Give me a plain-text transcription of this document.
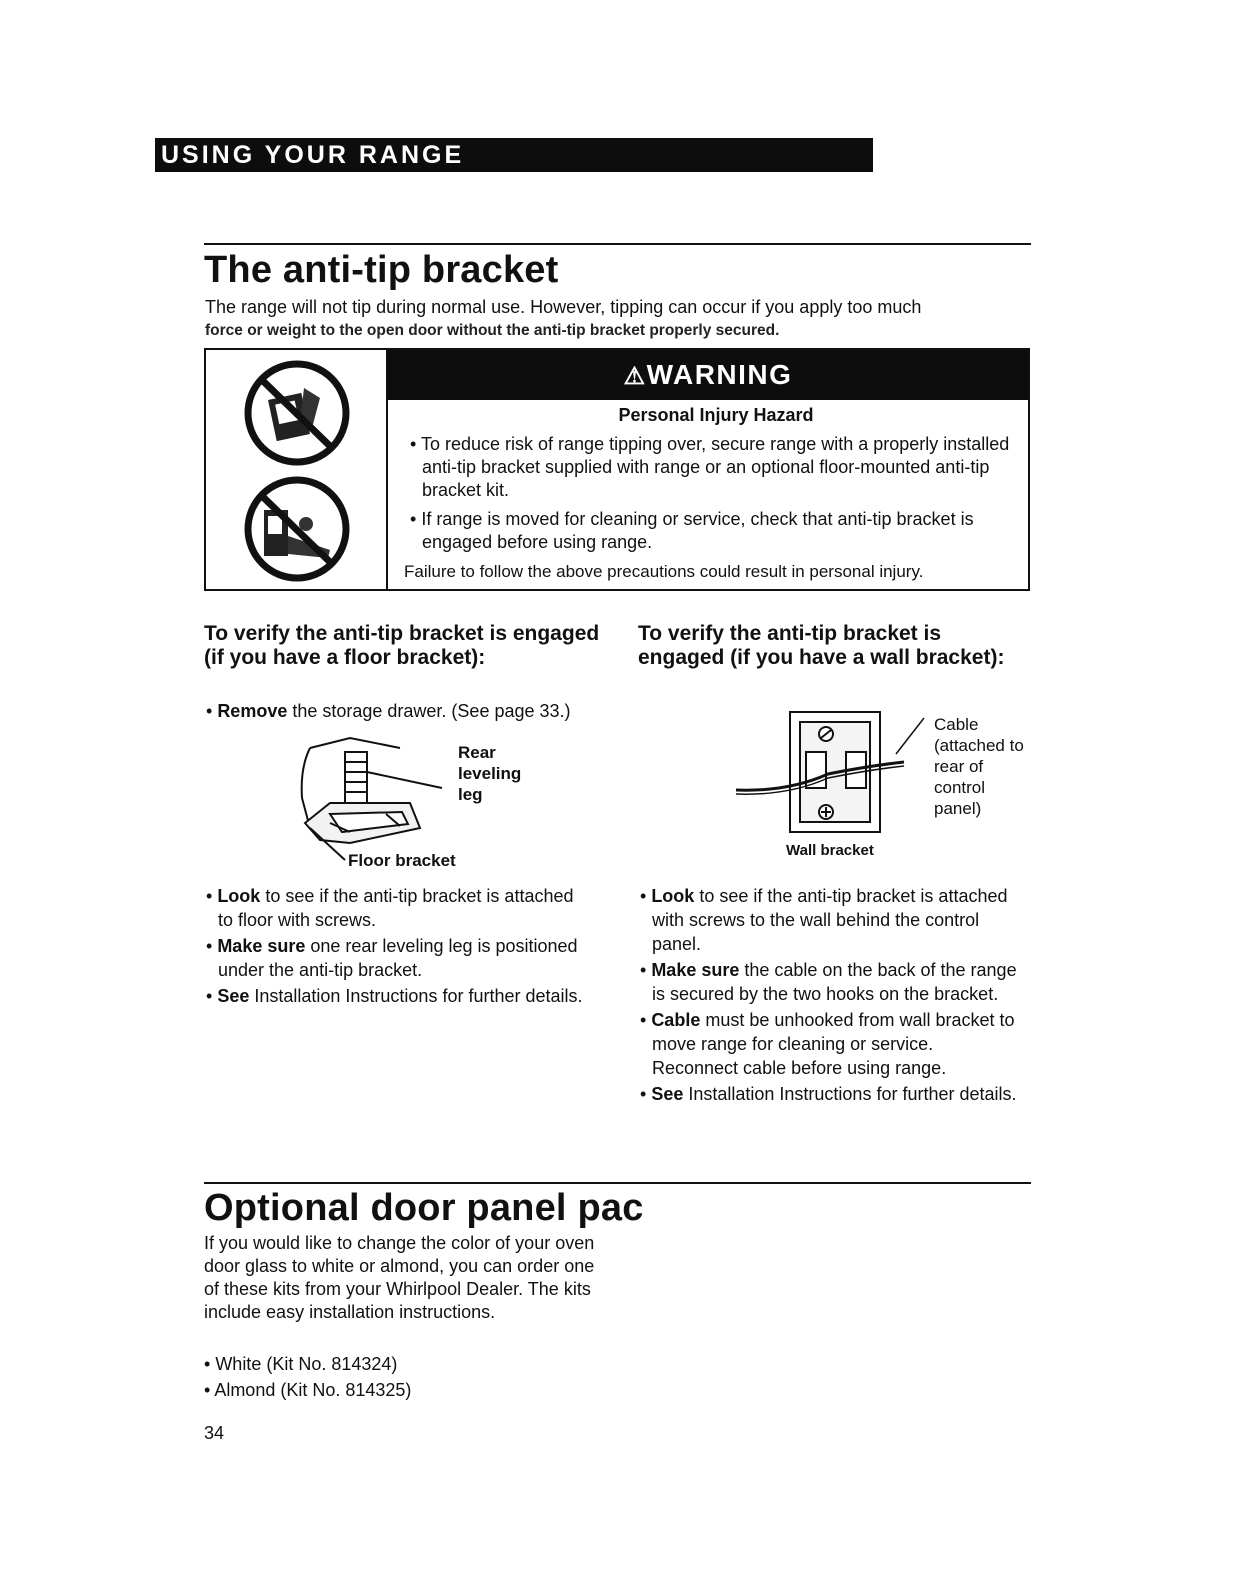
USING YOUR RANGE
The anti-tip bracket

The range will not tip during normal use. However, tipping can occur if you apply too much
force or weight to the open door without the anti-tip bracket properly secured.

⚠WARNING
Personal Injury Hazard

• To reduce risk of range tipping over, secure range with a properly installed anti-tip bracket supplied with range or an optional floor-mounted anti-tip bracket kit.

• If range is moved for cleaning or service, check that anti-tip bracket is engaged before using range.

Failure to follow the above precautions could result in personal injury.
To verify the anti-tip bracket is engaged (if you have a floor bracket):
• Remove the storage drawer. (See page 33.)
Rear leveling leg
Floor bracket
• Look to see if the anti-tip bracket is attached to floor with screws.
• Make sure one rear leveling leg is positioned under the anti-tip bracket.
• See Installation Instructions for further details.
To verify the anti-tip bracket is engaged (if you have a wall bracket):
Cable (attached to rear of control panel)
Wall bracket
• Look to see if the anti-tip bracket is attached with screws to the wall behind the control panel.
• Make sure the cable on the back of the range is secured by the two hooks on the bracket.
• Cable must be unhooked from wall bracket to move range for cleaning or service. Reconnect cable before using range.
• See Installation Instructions for further details.
Optional door panel pac

If you would like to change the color of your oven door glass to white or almond, you can order one of these kits from your Whirlpool Dealer. The kits include easy installation instructions.

• White (Kit No. 814324)
• Almond (Kit No. 814325)
34
